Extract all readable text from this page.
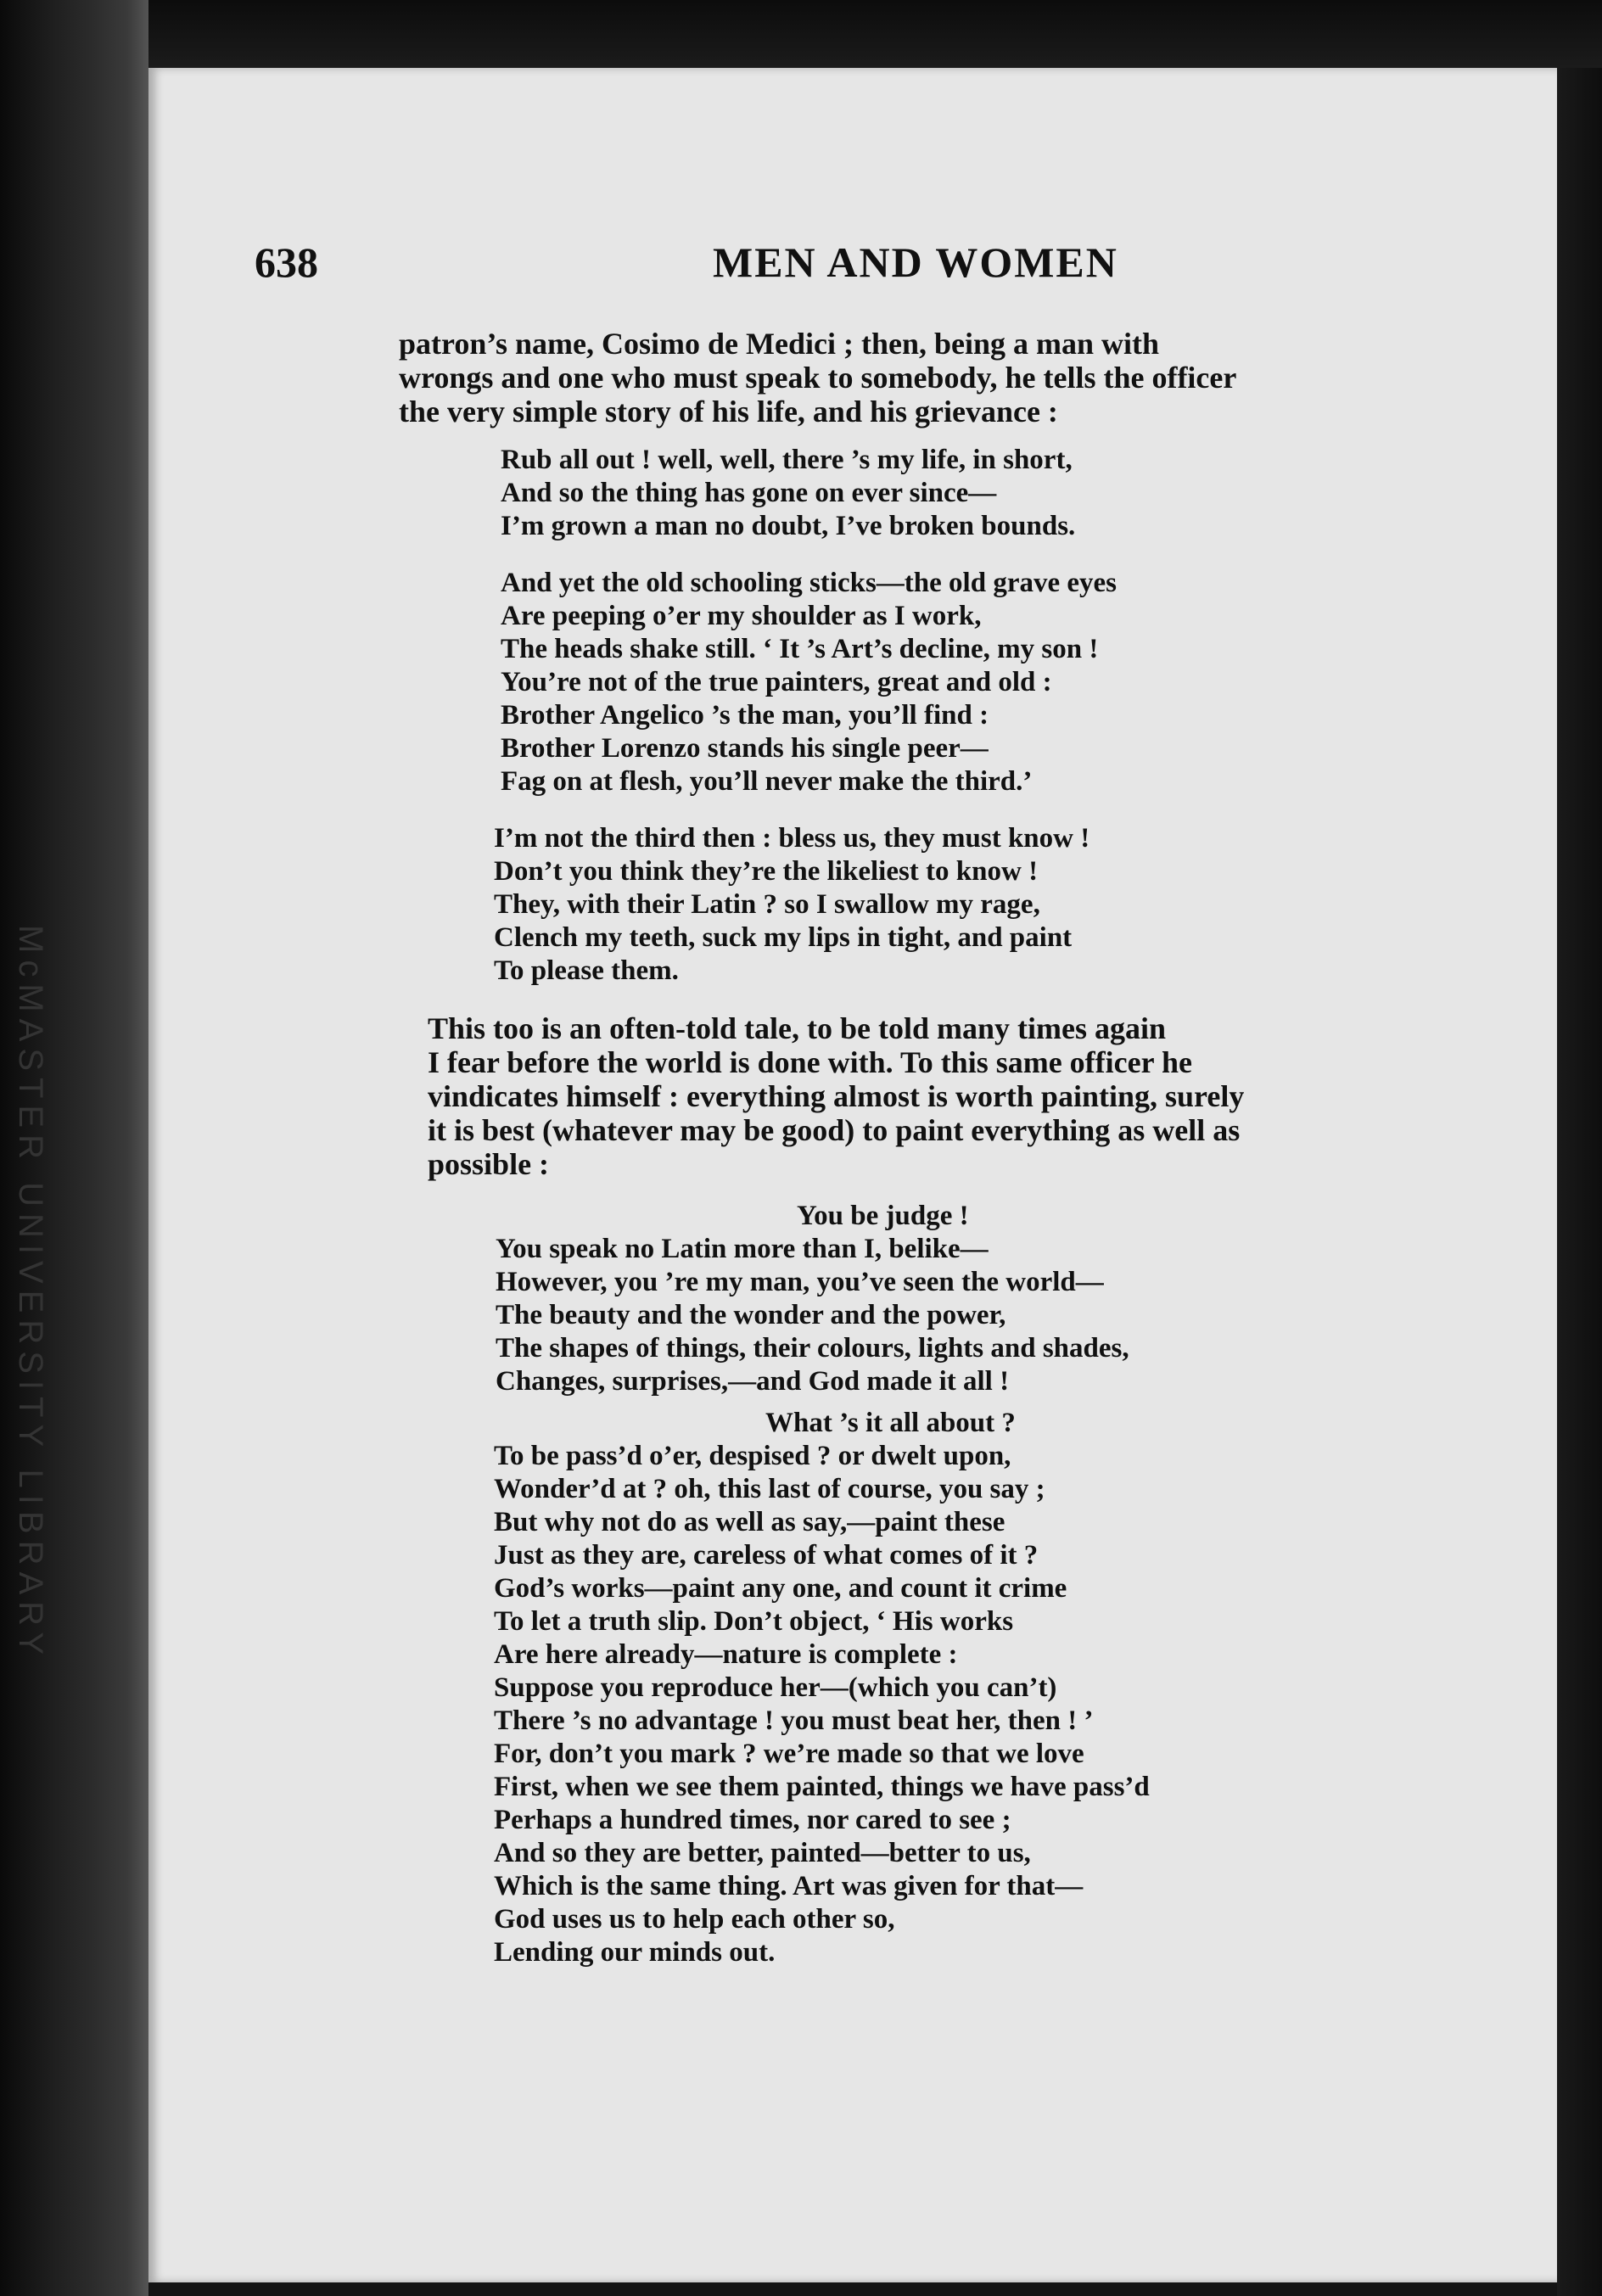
McMASTER UNIVERSITY LIBRARY

638	MEN AND WOMEN

patron’s name, Cosimo de Medici ; then, being a man with
wrongs and one who must speak to somebody, he tells the officer
the very simple story of his life, and his grievance :

Rub all out ! well, well, there ’s my life, in short,
And so the thing has gone on ever since—
I’m grown a man no doubt, I’ve broken bounds.
And yet the old schooling sticks—the old grave eyes
Are peeping o’er my shoulder as I work,
The heads shake still. ‘ It ’s Art’s decline, my son !
You’re not of the true painters, great and old :
Brother Angelico ’s the man, you’ll find :
Brother Lorenzo stands his single peer—
Fag on at flesh, you’ll never make the third.’
I’m not the third then : bless us, they must know !
Don’t you think they’re the likeliest to know !
They, with their Latin ? so I swallow my rage,
Clench my teeth, suck my lips in tight, and paint
To please them.

This too is an often-told tale, to be told many times again
I fear before the world is done with. To this same officer he
vindicates himself : everything almost is worth painting, surely
it is best (whatever may be good) to paint everything as well as
possible :

You be judge !
You speak no Latin more than I, belike—
However, you ’re my man, you’ve seen the world—
The beauty and the wonder and the power,
The shapes of things, their colours, lights and shades,
Changes, surprises,—and God made it all !
What ’s it all about ?
To be pass’d o’er, despised ? or dwelt upon,
Wonder’d at ? oh, this last of course, you say ;
But why not do as well as say,—paint these
Just as they are, careless of what comes of it ?
God’s works—paint any one, and count it crime
To let a truth slip. Don’t object, ‘ His works
Are here already—nature is complete :
Suppose you reproduce her—(which you can’t)
There ’s no advantage ! you must beat her, then ! ’
For, don’t you mark ? we’re made so that we love
First, when we see them painted, things we have pass’d
Perhaps a hundred times, nor cared to see ;
And so they are better, painted—better to us,
Which is the same thing. Art was given for that—
God uses us to help each other so,
Lending our minds out.
